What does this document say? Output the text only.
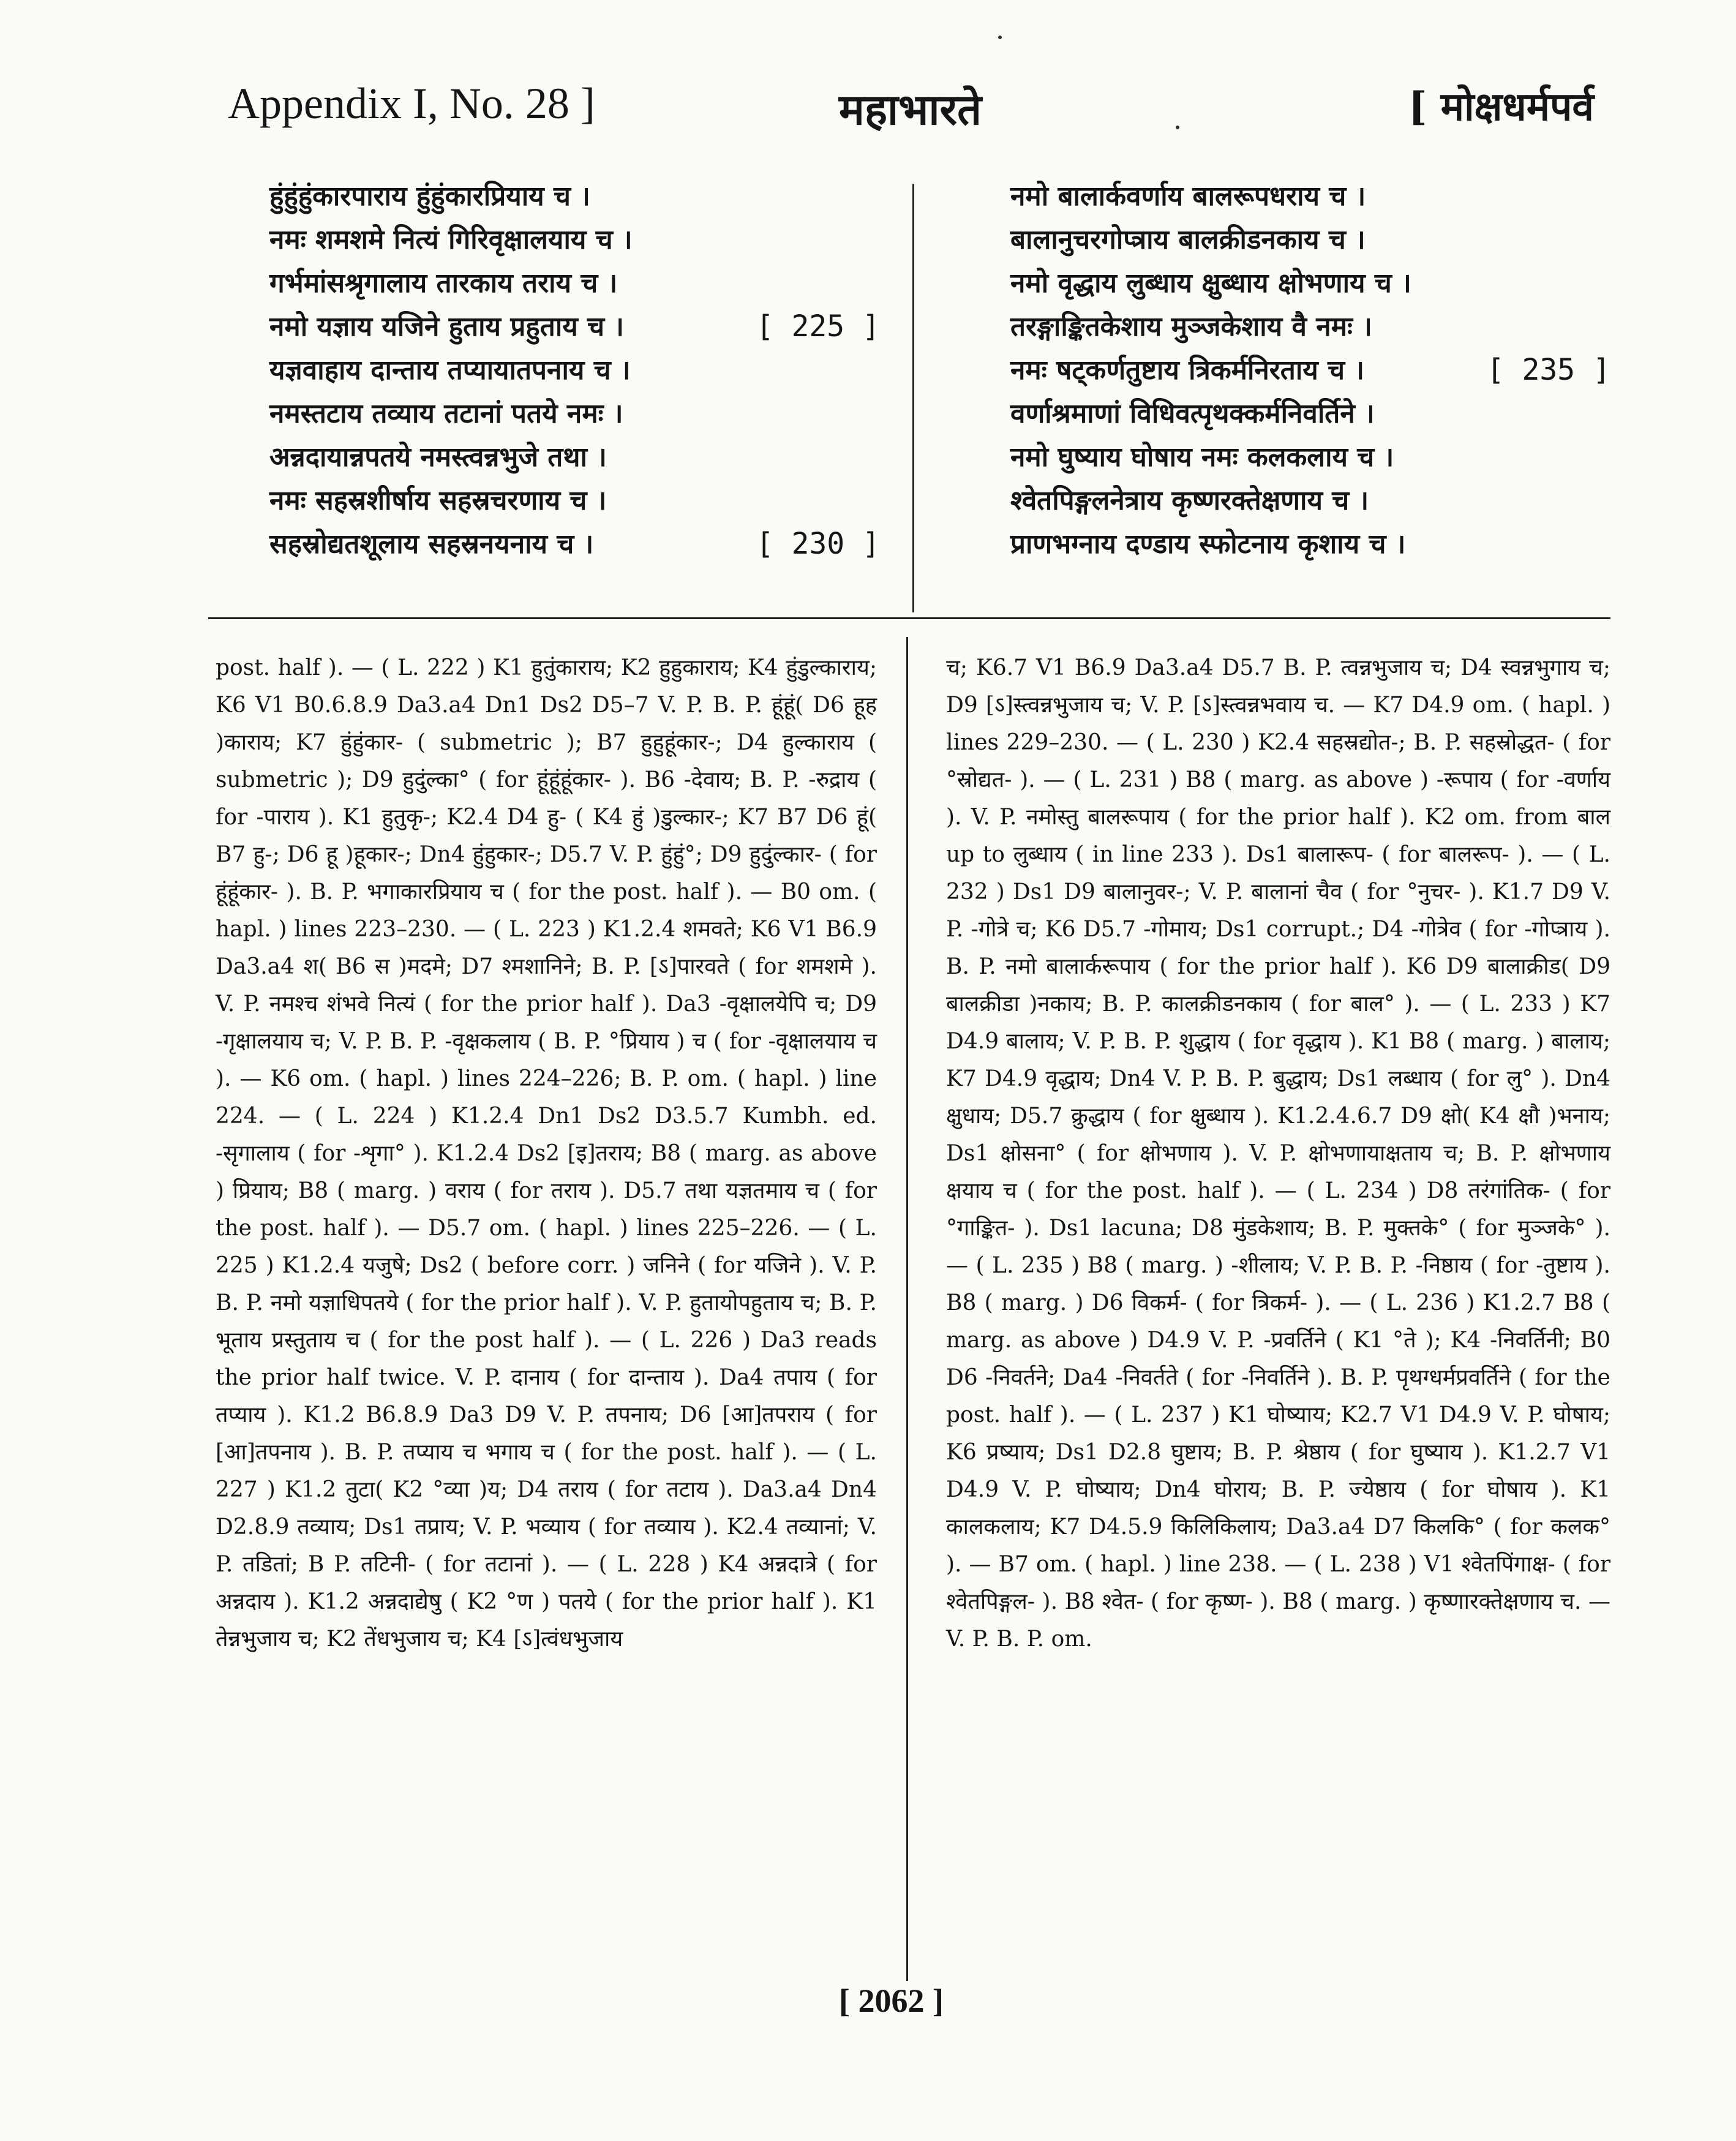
Appendix I, No. 28 ]	महाभारते	[ मोक्षधर्मपर्व
हुंहुंहुंकारपाराय हुंहुंकारप्रियाय च ।
नमः शमशमे नित्यं गिरिवृक्षालयाय च ।
गर्भमांसश्रृगालाय तारकाय तराय च ।
नमो यज्ञाय यजिने हुताय प्रहुताय च ।	[ 225 ]
यज्ञवाहाय दान्ताय तप्यायातपनाय च ।
नमस्तटाय तव्याय तटानां पतये नमः ।
अन्नदायान्नपतये नमस्त्वन्नभुजे तथा ।
नमः सहस्रशीर्षाय सहस्रचरणाय च ।
सहस्रोद्यतशूलाय सहस्रनयनाय च ।	[ 230 ]
नमो बालार्कवर्णाय बालरूपधराय च ।
बालानुचरगोप्त्राय बालक्रीडनकाय च ।
नमो वृद्धाय लुब्धाय क्षुब्धाय क्षोभणाय च ।
तरङ्गाङ्कितकेशाय मुञ्जकेशाय वै नमः ।
नमः षट्कर्णतुष्टाय त्रिकर्मनिरताय च ।	[ 235 ]
वर्णाश्रमाणां विधिवत्पृथक्कर्मनिवर्तिने ।
नमो घुष्याय घोषाय नमः कलकलाय च ।
श्वेतपिङ्गलनेत्राय कृष्णरक्तेक्षणाय च ।
प्राणभग्नाय दण्डाय स्फोटनाय कृशाय च ।
post. half ). — ( L. 222 ) K1 हुतुंकाराय; K2 हुहुकाराय; K4 हुंडुल्काराय; K6 V1 B0.6.8.9 Da3.a4 Dn1 Ds2 D5–7 V. P. B. P. हूंहूं( D6 हूह )काराय; K7 हुंहुंकार- ( submetric ); B7 हुहुहूंकार-; D4 हुल्काराय ( submetric ); D9 हुदुंल्का° ( for हूंहूंहूंकार- ). B6 -देवाय; B. P. -रुद्राय ( for -पाराय ). K1 हुतुकृ-; K2.4 D4 हु- ( K4 हुं )डुल्कार-; K7 B7 D6 हूं( B7 हु-; D6 हू )हूकार-; Dn4 हुंहुकार-; D5.7 V. P. हुंहुं°; D9 हुदुंल्कार- ( for हूंहूंकार- ). B. P. भगाकारप्रियाय च ( for the post. half ). — B0 om. ( hapl. ) lines 223–230. — ( L. 223 ) K1.2.4 शमवते; K6 V1 B6.9 Da3.a4 श( B6 स )मदमे; D7 श्मशानिने; B. P. [ऽ]पारवते ( for शमशमे ). V. P. नमश्च शंभवे नित्यं ( for the prior half ). Da3 -वृक्षालयेपि च; D9 -गृक्षालयाय च; V. P. B. P. -वृक्षकलाय ( B. P. °प्रियाय ) च ( for -वृक्षालयाय च ). — K6 om. ( hapl. ) lines 224–226; B. P. om. ( hapl. ) line 224. — ( L. 224 ) K1.2.4 Dn1 Ds2 D3.5.7 Kumbh. ed. -सृगालाय ( for -शृगा° ). K1.2.4 Ds2 [इ]तराय; B8 ( marg. as above ) प्रियाय; B8 ( marg. ) वराय ( for तराय ). D5.7 तथा यज्ञतमाय च ( for the post. half ). — D5.7 om. ( hapl. ) lines 225–226. — ( L. 225 ) K1.2.4 यजुषे; Ds2 ( before corr. ) जनिने ( for यजिने ). V. P. B. P. नमो यज्ञाधिपतये ( for the prior half ). V. P. हुतायोपहुताय च; B. P. भूताय प्रस्तुताय च ( for the post half ). — ( L. 226 ) Da3 reads the prior half twice. V. P. दानाय ( for दान्ताय ). Da4 तपाय ( for तप्याय ). K1.2 B6.8.9 Da3 D9 V. P. तपनाय; D6 [आ]तपराय ( for [आ]तपनाय ). B. P. तप्याय च भगाय च ( for the post. half ). — ( L. 227 ) K1.2 तुटा( K2 °व्या )य; D4 तराय ( for तटाय ). Da3.a4 Dn4 D2.8.9 तव्याय; Ds1 तप्राय; V. P. भव्याय ( for तव्याय ). K2.4 तव्यानां; V. P. तडितां; B P. तटिनी- ( for तटानां ). — ( L. 228 ) K4 अन्नदात्रे ( for अन्नदाय ). K1.2 अन्नदाद्येषु ( K2 °ण ) पतये ( for the prior half ). K1 तेन्नभुजाय च; K2 तेंधभुजाय च; K4 [ऽ]त्वंधभुजाय
च; K6.7 V1 B6.9 Da3.a4 D5.7 B. P. त्वन्नभुजाय च; D4 स्वन्नभुगाय च; D9 [ऽ]स्त्वन्नभुजाय च; V. P. [ऽ]स्त्वन्नभवाय च. — K7 D4.9 om. ( hapl. ) lines 229–230. — ( L. 230 ) K2.4 सहस्रद्योत-; B. P. सहस्रोद्धत- ( for °स्रोद्यत- ). — ( L. 231 ) B8 ( marg. as above ) -रूपाय ( for -वर्णाय ). V. P. नमोस्तु बालरूपाय ( for the prior half ). K2 om. from बाल up to लुब्धाय ( in line 233 ). Ds1 बालारूप- ( for बालरूप- ). — ( L. 232 ) Ds1 D9 बालानुवर-; V. P. बालानां चैव ( for °नुचर- ). K1.7 D9 V. P. -गोत्रे च; K6 D5.7 -गोमाय; Ds1 corrupt.; D4 -गोत्रेव ( for -गोप्त्राय ). B. P. नमो बालार्करूपाय ( for the prior half ). K6 D9 बालाक्रीड( D9 बालक्रीडा )नकाय; B. P. कालक्रीडनकाय ( for बाल° ). — ( L. 233 ) K7 D4.9 बालाय; V. P. B. P. शुद्धाय ( for वृद्धाय ). K1 B8 ( marg. ) बालाय; K7 D4.9 वृद्धाय; Dn4 V. P. B. P. बुद्धाय; Ds1 लब्धाय ( for लु° ). Dn4 क्षुधाय; D5.7 क्रुद्धाय ( for क्षुब्धाय ). K1.2.4.6.7 D9 क्षो( K4 क्षौ )भनाय; Ds1 क्षोसना° ( for क्षोभणाय ). V. P. क्षोभणायाक्षताय च; B. P. क्षोभणाय क्षयाय च ( for the post. half ). — ( L. 234 ) D8 तरंगांतिक- ( for °गाङ्कित- ). Ds1 lacuna; D8 मुंडकेशाय; B. P. मुक्तके° ( for मुञ्जके° ). — ( L. 235 ) B8 ( marg. ) -शीलाय; V. P. B. P. -निष्ठाय ( for -तुष्टाय ). B8 ( marg. ) D6 विकर्म- ( for त्रिकर्म- ). — ( L. 236 ) K1.2.7 B8 ( marg. as above ) D4.9 V. P. -प्रवर्तिने ( K1 °ते ); K4 -निवर्तिनी; B0 D6 -निवर्तने; Da4 -निवर्तते ( for -निवर्तिने ). B. P. पृथग्धर्मप्रवर्तिने ( for the post. half ). — ( L. 237 ) K1 घोष्याय; K2.7 V1 D4.9 V. P. घोषाय; K6 प्रष्याय; Ds1 D2.8 घुष्टाय; B. P. श्रेष्ठाय ( for घुष्याय ). K1.2.7 V1 D4.9 V. P. घोष्याय; Dn4 घोराय; B. P. ज्येष्ठाय ( for घोषाय ). K1 कालकलाय; K7 D4.5.9 किलिकिलाय; Da3.a4 D7 किलकि° ( for कलक° ). — B7 om. ( hapl. ) line 238. — ( L. 238 ) V1 श्वेतपिंगाक्ष- ( for श्वेतपिङ्गल- ). B8 श्वेत- ( for कृष्ण- ). B8 ( marg. ) कृष्णारक्तेक्षणाय च. — V. P. B. P. om.
[ 2062 ]
